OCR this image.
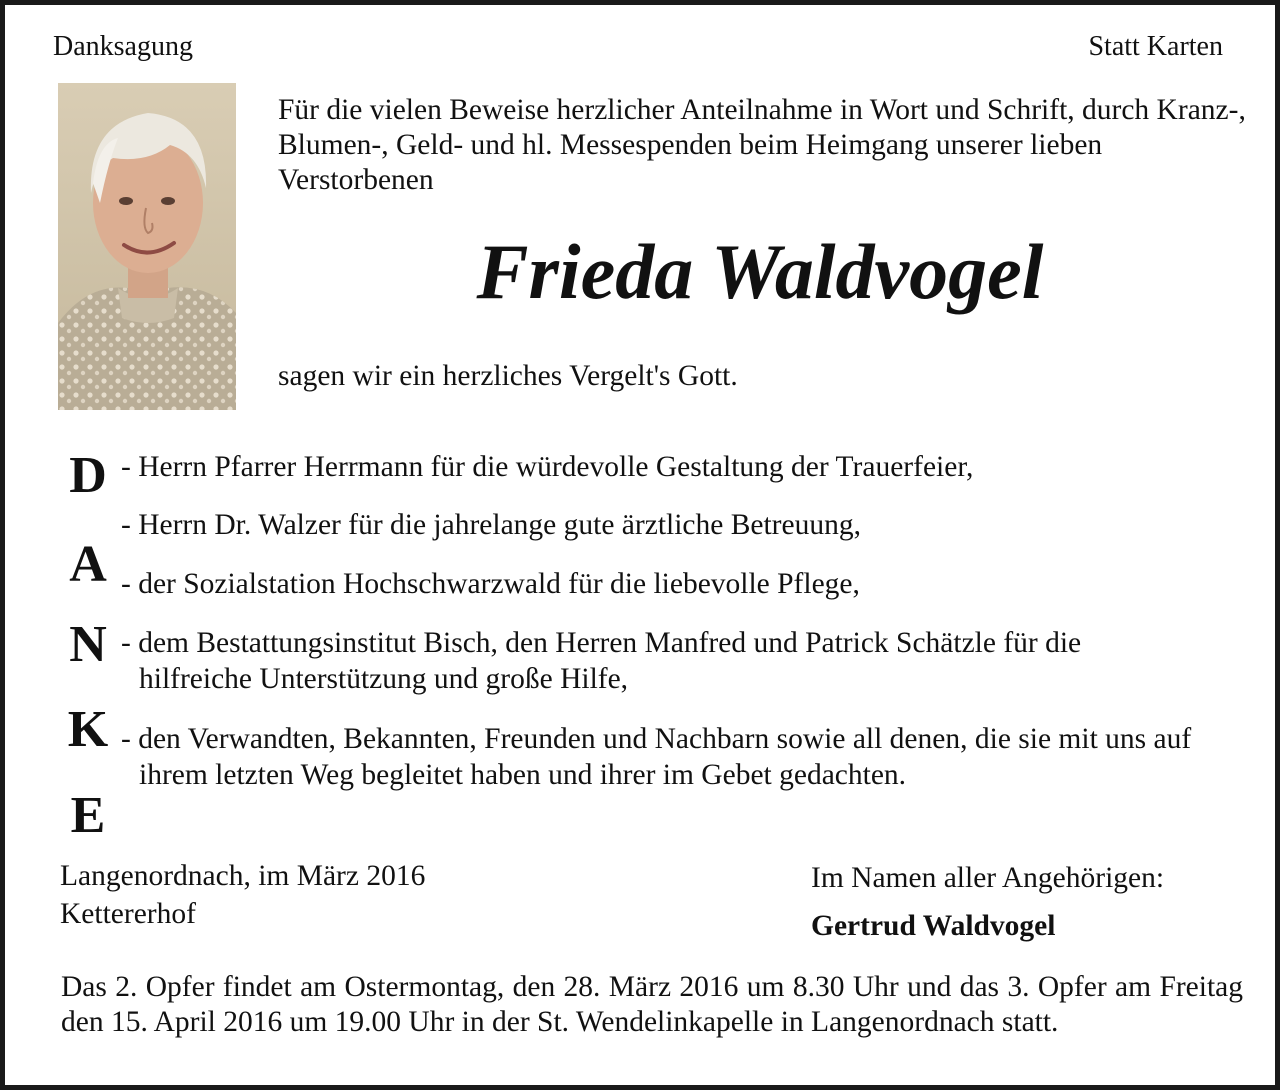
Danksagung	Statt Karten
Für die vielen Beweise herzlicher Anteilnahme in Wort und Schrift, durch Kranz-, Blumen-, Geld- und hl. Messespenden beim Heimgang unserer lieben Verstorbenen
Frieda Waldvogel
sagen wir ein herzliches Vergelt's Gott.
D
A
N
K
E
- Herrn Pfarrer Herrmann für die würdevolle Gestaltung der Trauerfeier,
- Herrn Dr. Walzer für die jahrelange gute ärztliche Betreuung,
- der Sozialstation Hochschwarzwald für die liebevolle Pflege,
- dem Bestattungsinstitut Bisch, den Herren Manfred und Patrick Schätzle für die hilfreiche Unterstützung und große Hilfe,
- den Verwandten, Bekannten, Freunden und Nachbarn sowie all denen, die sie mit uns auf ihrem letzten Weg begleitet haben und ihrer im Gebet gedachten.
Langenordnach, im März 2016
Kettererhof
Im Namen aller Angehörigen:
Gertrud Waldvogel
Das 2. Opfer findet am Ostermontag, den 28. März 2016 um 8.30 Uhr und das 3. Opfer am Freitag den 15. April 2016 um 19.00 Uhr in der St. Wendelinkapelle in Langenordnach statt.
